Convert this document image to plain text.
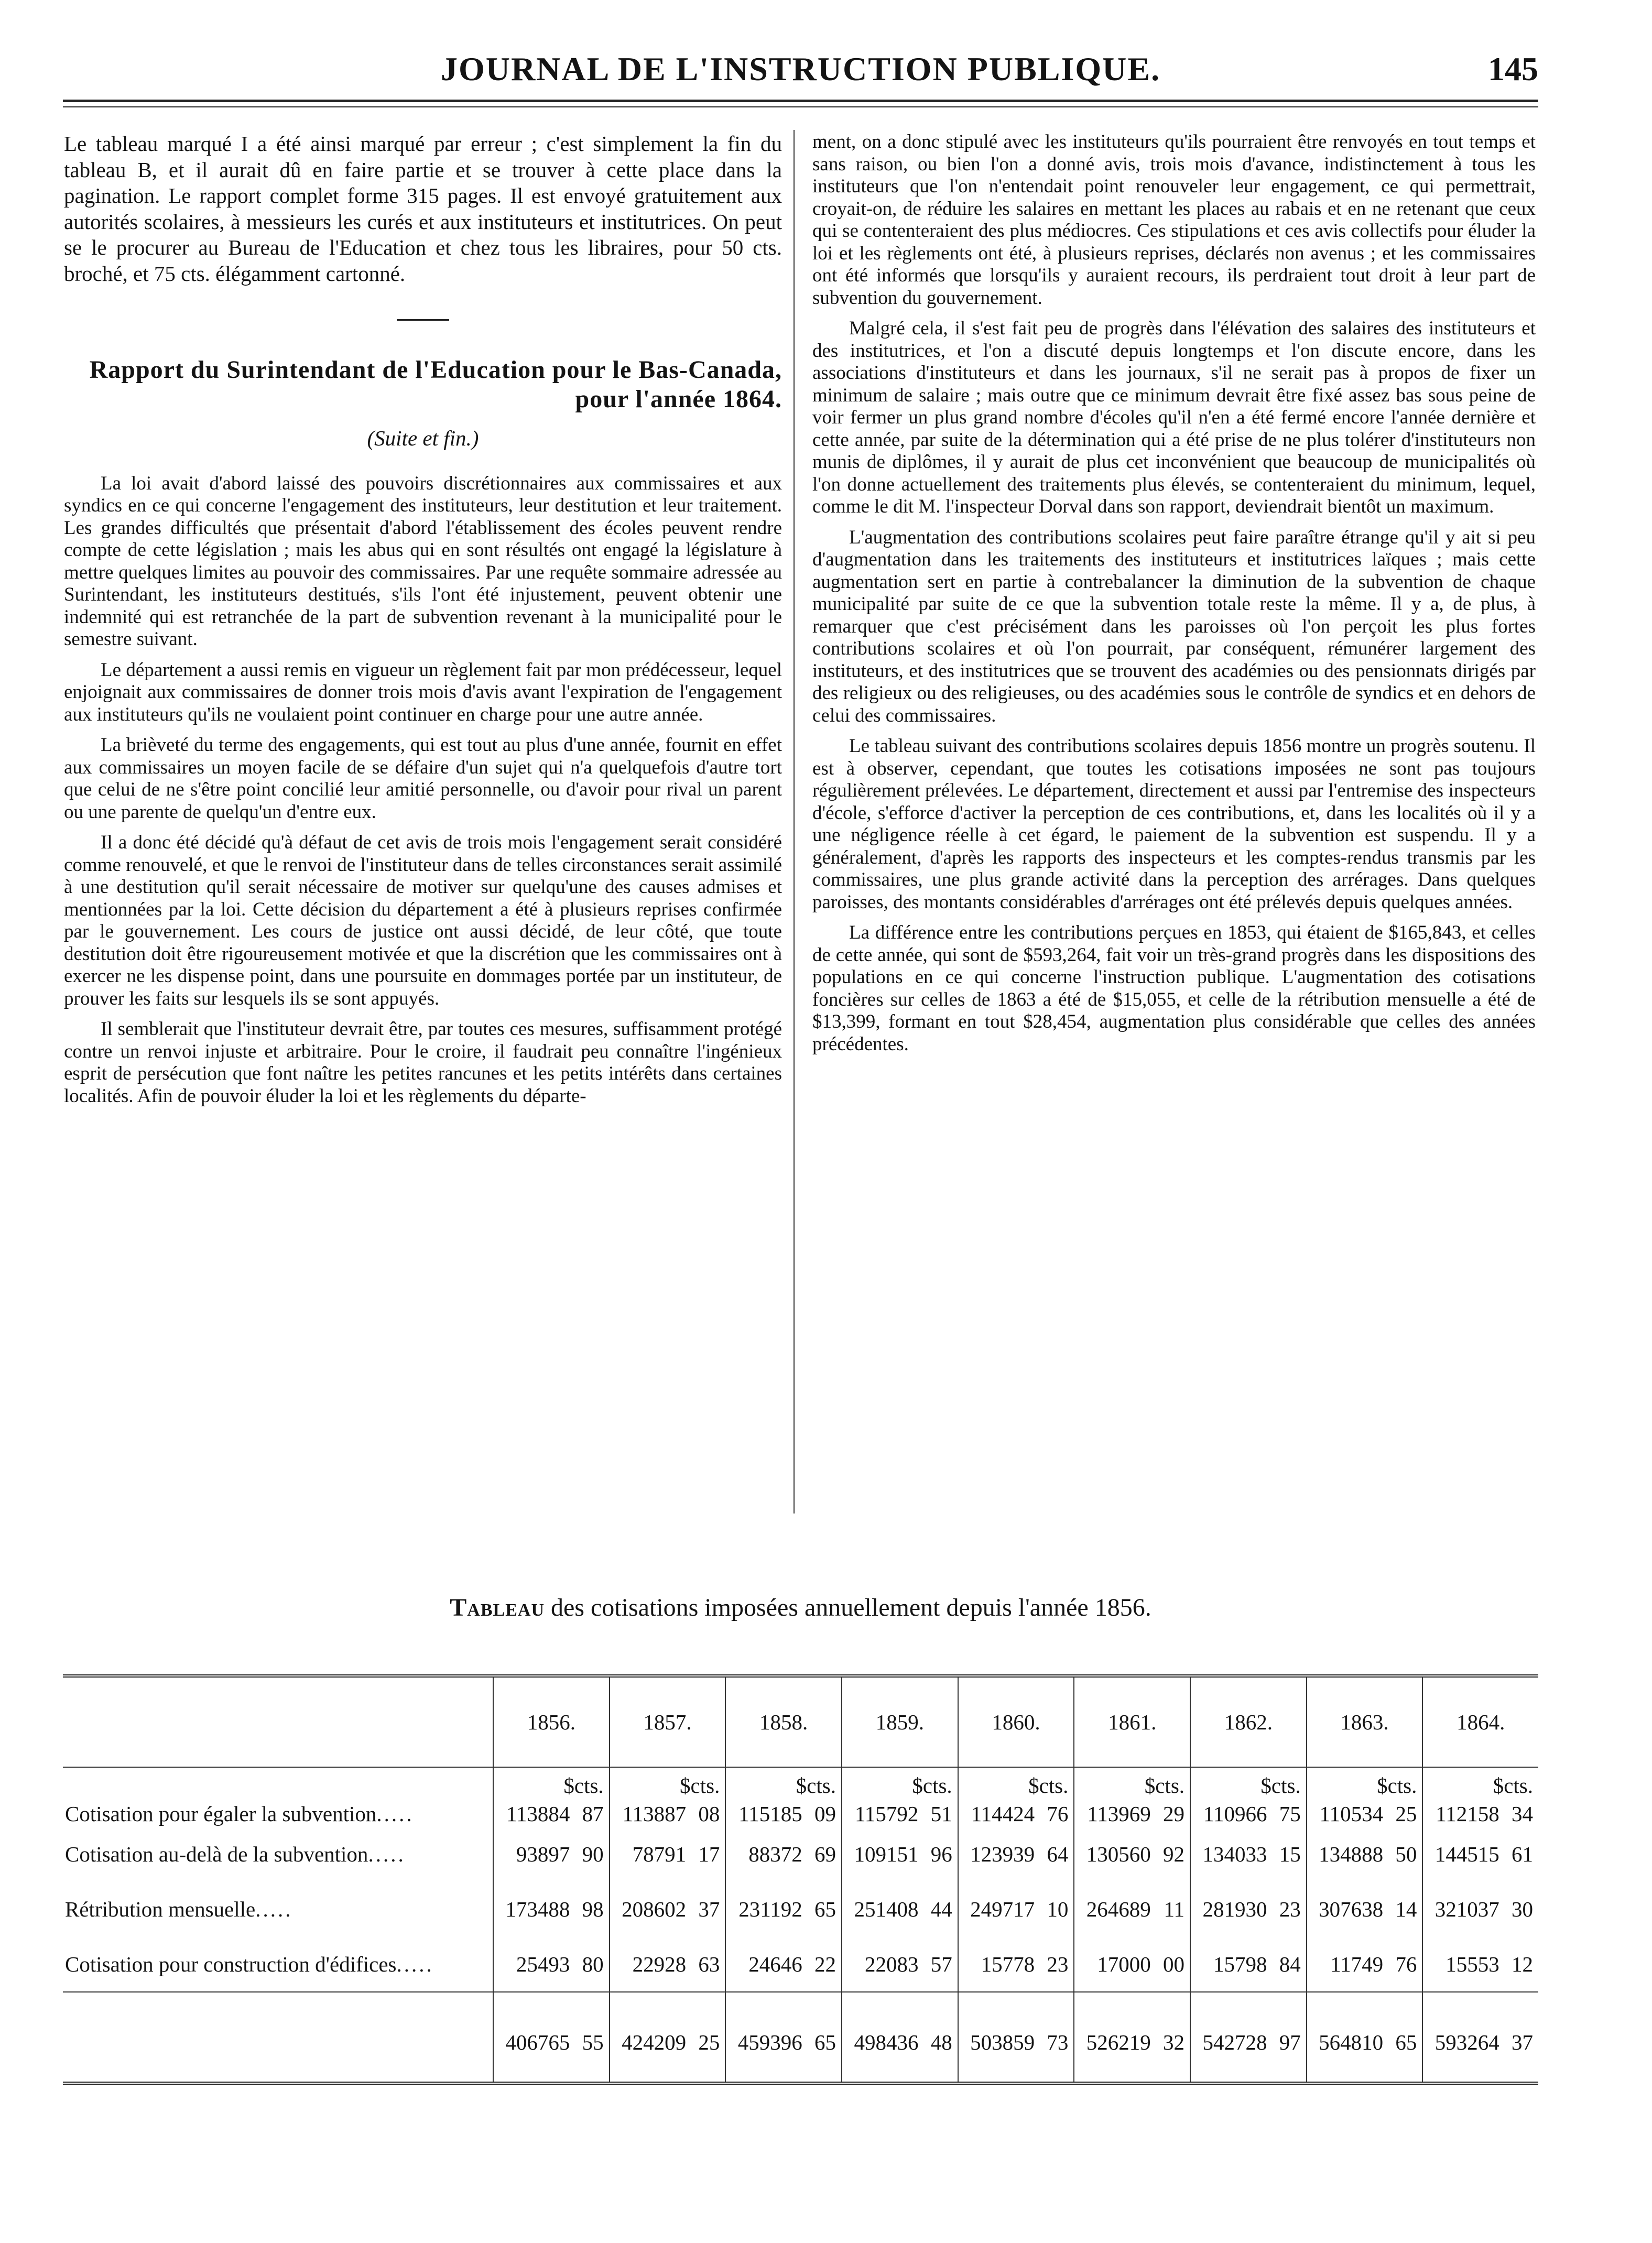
JOURNAL DE L'INSTRUCTION PUBLIQUE.	145

Le tableau marqué I a été ainsi marqué par erreur ; c'est simplement la fin du tableau B, et il aurait dû en faire partie et se trouver à cette place dans la pagination. Le rapport complet forme 315 pages. Il est envoyé gratuitement aux autorités scolaires, à messieurs les curés et aux instituteurs et institutrices. On peut se le procurer au Bureau de l'Education et chez tous les libraires, pour 50 cts. broché, et 75 cts. élégamment cartonné.

Rapport du Surintendant de l'Education pour le Bas-Canada, pour l'année 1864.
(Suite et fin.)

La loi avait d'abord laissé des pouvoirs discrétionnaires aux commissaires et aux syndics en ce qui concerne l'engagement des instituteurs, leur destitution et leur traitement. Les grandes difficultés que présentait d'abord l'établissement des écoles peuvent rendre compte de cette législation ; mais les abus qui en sont résultés ont engagé la législature à mettre quelques limites au pouvoir des commissaires. Par une requête sommaire adressée au Surintendant, les instituteurs destitués, s'ils l'ont été injustement, peuvent obtenir une indemnité qui est retranchée de la part de subvention revenant à la municipalité pour le semestre suivant.

Le département a aussi remis en vigueur un règlement fait par mon prédécesseur, lequel enjoignait aux commissaires de donner trois mois d'avis avant l'expiration de l'engagement aux instituteurs qu'ils ne voulaient point continuer en charge pour une autre année.

La brièveté du terme des engagements, qui est tout au plus d'une année, fournit en effet aux commissaires un moyen facile de se défaire d'un sujet qui n'a quelquefois d'autre tort que celui de ne s'être point concilié leur amitié personnelle, ou d'avoir pour rival un parent ou une parente de quelqu'un d'entre eux.

Il a donc été décidé qu'à défaut de cet avis de trois mois l'engagement serait considéré comme renouvelé, et que le renvoi de l'instituteur dans de telles circonstances serait assimilé à une destitution qu'il serait nécessaire de motiver sur quelqu'une des causes admises et mentionnées par la loi. Cette décision du département a été à plusieurs reprises confirmée par le gouvernement. Les cours de justice ont aussi décidé, de leur côté, que toute destitution doit être rigoureusement motivée et que la discrétion que les commissaires ont à exercer ne les dispense point, dans une poursuite en dommages portée par un instituteur, de prouver les faits sur lesquels ils se sont appuyés.

Il semblerait que l'instituteur devrait être, par toutes ces mesures, suffisamment protégé contre un renvoi injuste et arbitraire. Pour le croire, il faudrait peu connaître l'ingénieux esprit de persécution que font naître les petites rancunes et les petits intérêts dans certaines localités. Afin de pouvoir éluder la loi et les règlements du départe-

ment, on a donc stipulé avec les instituteurs qu'ils pourraient être renvoyés en tout temps et sans raison, ou bien l'on a donné avis, trois mois d'avance, indistinctement à tous les instituteurs que l'on n'entendait point renouveler leur engagement, ce qui permettrait, croyait-on, de réduire les salaires en mettant les places au rabais et en ne retenant que ceux qui se contenteraient des plus médiocres. Ces stipulations et ces avis collectifs pour éluder la loi et les règlements ont été, à plusieurs reprises, déclarés non avenus ; et les commissaires ont été informés que lorsqu'ils y auraient recours, ils perdraient tout droit à leur part de subvention du gouvernement.

Malgré cela, il s'est fait peu de progrès dans l'élévation des salaires des instituteurs et des institutrices, et l'on a discuté depuis longtemps et l'on discute encore, dans les associations d'instituteurs et dans les journaux, s'il ne serait pas à propos de fixer un minimum de salaire ; mais outre que ce minimum devrait être fixé assez bas sous peine de voir fermer un plus grand nombre d'écoles qu'il n'en a été fermé encore l'année dernière et cette année, par suite de la détermination qui a été prise de ne plus tolérer d'instituteurs non munis de diplômes, il y aurait de plus cet inconvénient que beaucoup de municipalités où l'on donne actuellement des traitements plus élevés, se contenteraient du minimum, lequel, comme le dit M. l'inspecteur Dorval dans son rapport, deviendrait bientôt un maximum.

L'augmentation des contributions scolaires peut faire paraître étrange qu'il y ait si peu d'augmentation dans les traitements des instituteurs et institutrices laïques ; mais cette augmentation sert en partie à contrebalancer la diminution de la subvention de chaque municipalité par suite de ce que la subvention totale reste la même. Il y a, de plus, à remarquer que c'est précisément dans les paroisses où l'on perçoit les plus fortes contributions scolaires et où l'on pourrait, par conséquent, rémunérer largement des instituteurs, et des institutrices que se trouvent des académies ou des pensionnats dirigés par des religieux ou des religieuses, ou des académies sous le contrôle de syndics et en dehors de celui des commissaires.

Le tableau suivant des contributions scolaires depuis 1856 montre un progrès soutenu. Il est à observer, cependant, que toutes les cotisations imposées ne sont pas toujours régulièrement prélevées. Le département, directement et aussi par l'entremise des inspecteurs d'école, s'efforce d'activer la perception de ces contributions, et, dans les localités où il y a une négligence réelle à cet égard, le paiement de la subvention est suspendu. Il y a généralement, d'après les rapports des inspecteurs et les comptes-rendus transmis par les commissaires, une plus grande activité dans la perception des arrérages. Dans quelques paroisses, des montants considérables d'arrérages ont été prélevés depuis quelques années.

La différence entre les contributions perçues en 1853, qui étaient de $165,843, et celles de cette année, qui sont de $593,264, fait voir un très-grand progrès dans les dispositions des populations en ce qui concerne l'instruction publique. L'augmentation des cotisations foncières sur celles de 1863 a été de $15,055, et celle de la rétribution mensuelle a été de $13,399, formant en tout $28,454, augmentation plus considérable que celles des années précédentes.

Tableau des cotisations imposées annuellement depuis l'année 1856.
	1856.	1857.	1858.	1859.	1860.	1861.	1862.	1863.	1864.
	$cts.	$cts.	$cts.	$cts.	$cts.	$cts.	$cts.	$cts.	$cts.
Cotisation pour égaler la subvention.....	113884 87	113887 08	115185 09	115792 51	114424 76	113969 29	110966 75	110534 25	112158 34
Cotisation au-delà de la subvention.....	93897 90	78791 17	88372 69	109151 96	123939 64	130560 92	134033 15	134888 50	144515 61
Rétribution mensuelle.....	173488 98	208602 37	231192 65	251408 44	249717 10	264689 11	281930 23	307638 14	321037 30
Cotisation pour construction d'édifices.....	25493 80	22928 63	24646 22	22083 57	15778 23	17000 00	15798 84	11749 76	15553 12
	406765 55	424209 25	459396 65	498436 48	503859 73	526219 32	542728 97	564810 65	593264 37
